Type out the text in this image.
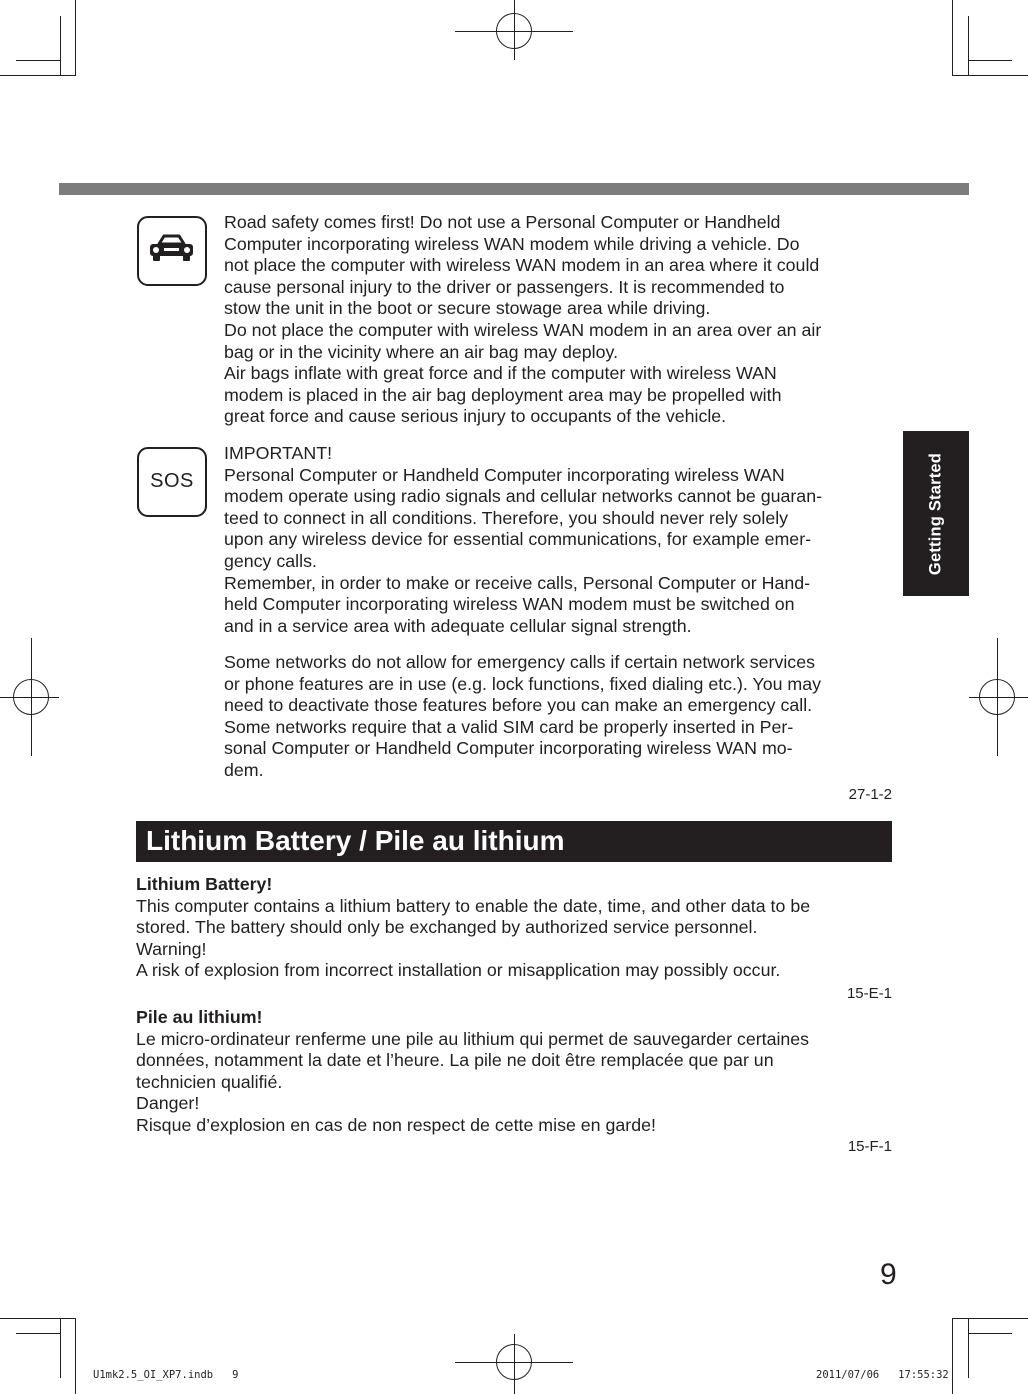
SOS
Road safety comes first! Do not use a Personal Computer or Handheld
Computer incorporating wireless WAN modem while driving a vehicle. Do
not place the computer with wireless WAN modem in an area where it could
cause personal injury to the driver or passengers. It is recommended to
stow the unit in the boot or secure stowage area while driving.
Do not place the computer with wireless WAN modem in an area over an air
bag or in the vicinity where an air bag may deploy.
Air bags inflate with great force and if the computer with wireless WAN
modem is placed in the air bag deployment area may be propelled with
great force and cause serious injury to occupants of the vehicle.
IMPORTANT!
Personal Computer or Handheld Computer incorporating wireless WAN
modem operate using radio signals and cellular networks cannot be guaran-
teed to connect in all conditions. Therefore, you should never rely solely
upon any wireless device for essential communications, for example emer-
gency calls.
Remember, in order to make or receive calls, Personal Computer or Hand-
held Computer incorporating wireless WAN modem must be switched on
and in a service area with adequate cellular signal strength.
Some networks do not allow for emergency calls if certain network services
or phone features are in use (e.g. lock functions, fixed dialing etc.). You may
need to deactivate those features before you can make an emergency call.
Some networks require that a valid SIM card be properly inserted in Per-
sonal Computer or Handheld Computer incorporating wireless WAN mo-
dem.
27-1-2
Getting Started
Lithium Battery / Pile au lithium
Lithium Battery!
This computer contains a lithium battery to enable the date, time, and other data to be
stored. The battery should only be exchanged by authorized service personnel.
Warning!
A risk of explosion from incorrect installation or misapplication may possibly occur.
15-E-1
Pile au lithium!
Le micro-ordinateur renferme une pile au lithium qui permet de sauvegarder certaines
données, notamment la date et l’heure. La pile ne doit être remplacée que par un
technicien qualifié.
Danger!
Risque d’explosion en cas de non respect de cette mise en garde!
15-F-1
9
U1mk2.5_OI_XP7.indb   9	2011/07/06   17:55:32
